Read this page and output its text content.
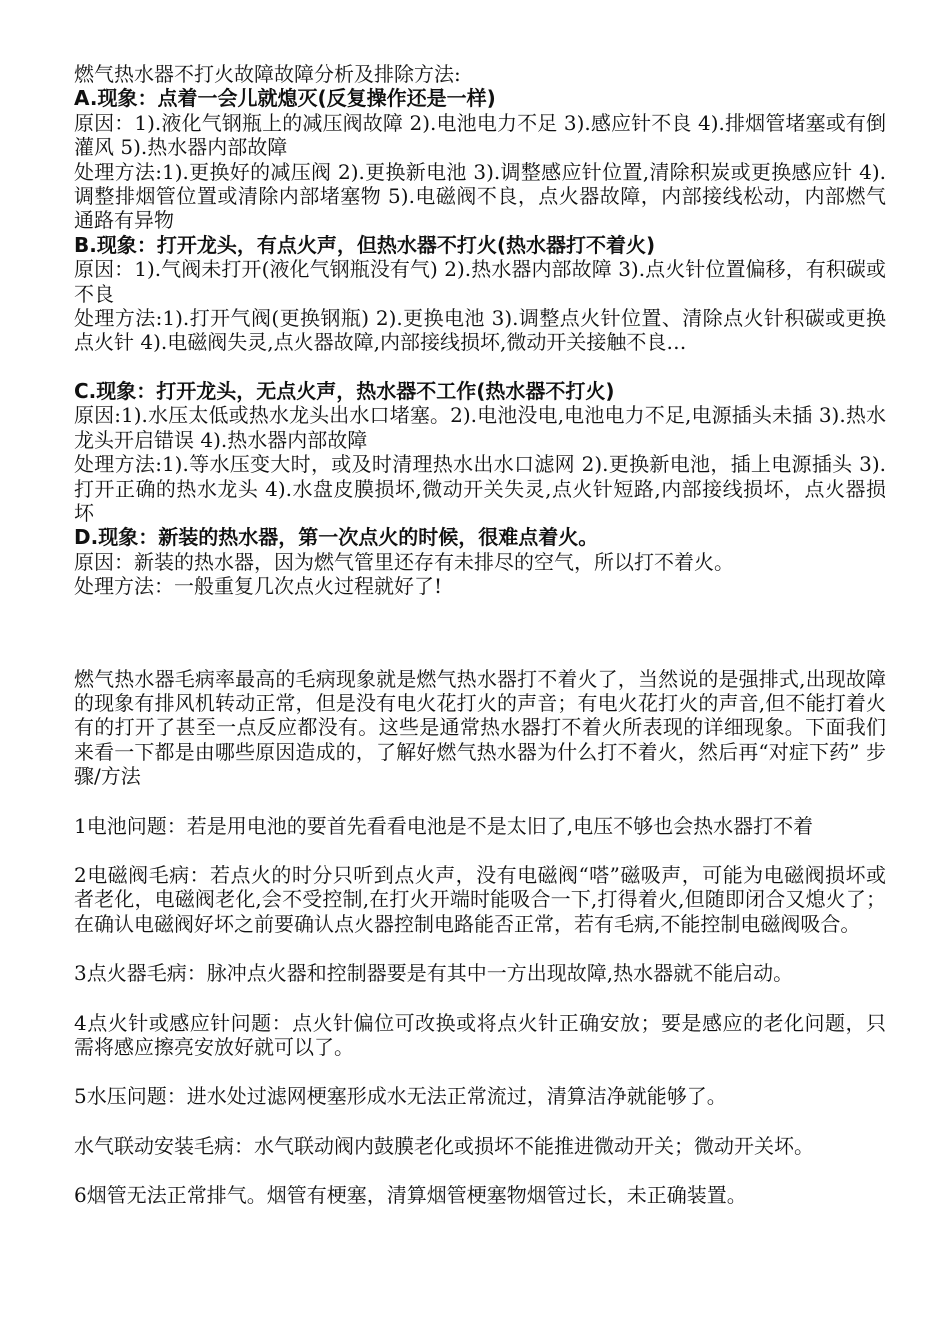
燃气热水器不打火故障故障分析及排除方法:

A.现象：点着一会儿就熄灭(反复操作还是一样)

原因：1).液化气钢瓶上的减压阀故障 2).电池电力不足 3).感应针不良 4).排烟管堵塞或有倒灌风 5).热水器内部故障

处理方法:1).更换好的减压阀 2).更换新电池 3).调整感应针位置,清除积炭或更换感应针 4).调整排烟管位置或清除内部堵塞物 5).电磁阀不良，点火器故障，内部接线松动，内部燃气通路有异物

B.现象：打开龙头，有点火声，但热水器不打火(热水器打不着火)

原因：1).气阀未打开(液化气钢瓶没有气) 2).热水器内部故障 3).点火针位置偏移，有积碳或不良

处理方法:1).打开气阀(更换钢瓶) 2).更换电池 3).调整点火针位置、清除点火针积碳或更换点火针 4).电磁阀失灵,点火器故障,内部接线损坏,微动开关接触不良…

C.现象：打开龙头，无点火声，热水器不工作(热水器不打火)

原因:1).水压太低或热水龙头出水口堵塞。2).电池没电,电池电力不足,电源插头未插 3).热水龙头开启错误 4).热水器内部故障

处理方法:1).等水压变大时，或及时清理热水出水口滤网 2).更换新电池，插上电源插头 3).打开正确的热水龙头 4).水盘皮膜损坏,微动开关失灵,点火针短路,内部接线损坏，点火器损坏

D.现象：新装的热水器，第一次点火的时候，很难点着火。

原因：新装的热水器，因为燃气管里还存有未排尽的空气，所以打不着火。

处理方法：一般重复几次点火过程就好了!

燃气热水器毛病率最高的毛病现象就是燃气热水器打不着火了，当然说的是强排式,出现故障的现象有排风机转动正常，但是没有电火花打火的声音；有电火花打火的声音,但不能打着火有的打开了甚至一点反应都没有。这些是通常热水器打不着火所表现的详细现象。下面我们来看一下都是由哪些原因造成的，了解好燃气热水器为什么打不着火，然后再“对症下药” 步骤/方法

1电池问题：若是用电池的要首先看看电池是不是太旧了,电压不够也会热水器打不着

2电磁阀毛病：若点火的时分只听到点火声，没有电磁阀“嗒”磁吸声，可能为电磁阀损坏或者老化，电磁阀老化,会不受控制,在打火开端时能吸合一下,打得着火,但随即闭合又熄火了；在确认电磁阀好坏之前要确认点火器控制电路能否正常，若有毛病,不能控制电磁阀吸合。

3点火器毛病：脉冲点火器和控制器要是有其中一方出现故障,热水器就不能启动。

4点火针或感应针问题：点火针偏位可改换或将点火针正确安放；要是感应的老化问题，只需将感应擦亮安放好就可以了。

5水压问题：进水处过滤网梗塞形成水无法正常流过，清算洁净就能够了。

水气联动安装毛病：水气联动阀内鼓膜老化或损坏不能推进微动开关；微动开关坏。

6烟管无法正常排气。烟管有梗塞，清算烟管梗塞物烟管过长，未正确装置。
